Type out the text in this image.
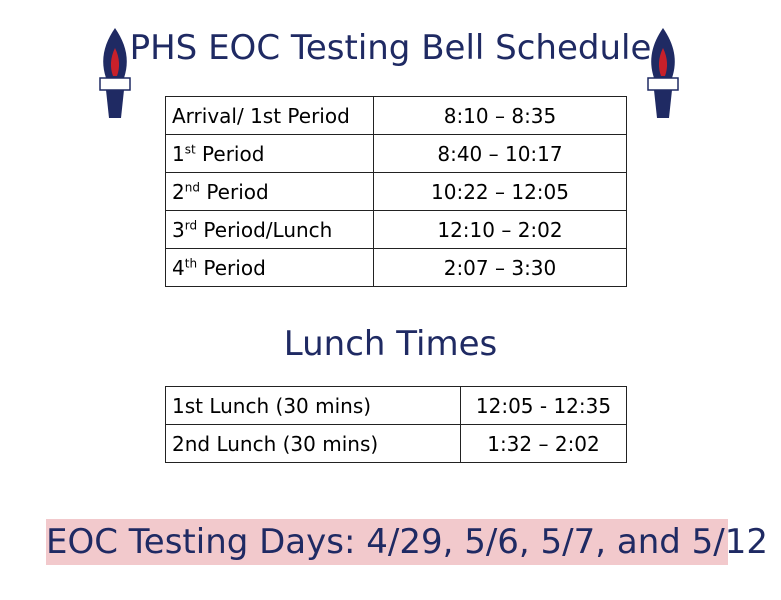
PHS EOC Testing Bell Schedule
Arrival/ 1st Period	8:10 – 8:35
1st Period	8:40 – 10:17
2nd Period	10:22 – 12:05
3rd Period/Lunch	12:10 – 2:02
4th Period	2:07 – 3:30
Lunch Times
1st Lunch (30 mins)	12:05 - 12:35
2nd Lunch (30 mins)	1:32 – 2:02
EOC Testing Days: 4/29, 5/6, 5/7, and 5/12
